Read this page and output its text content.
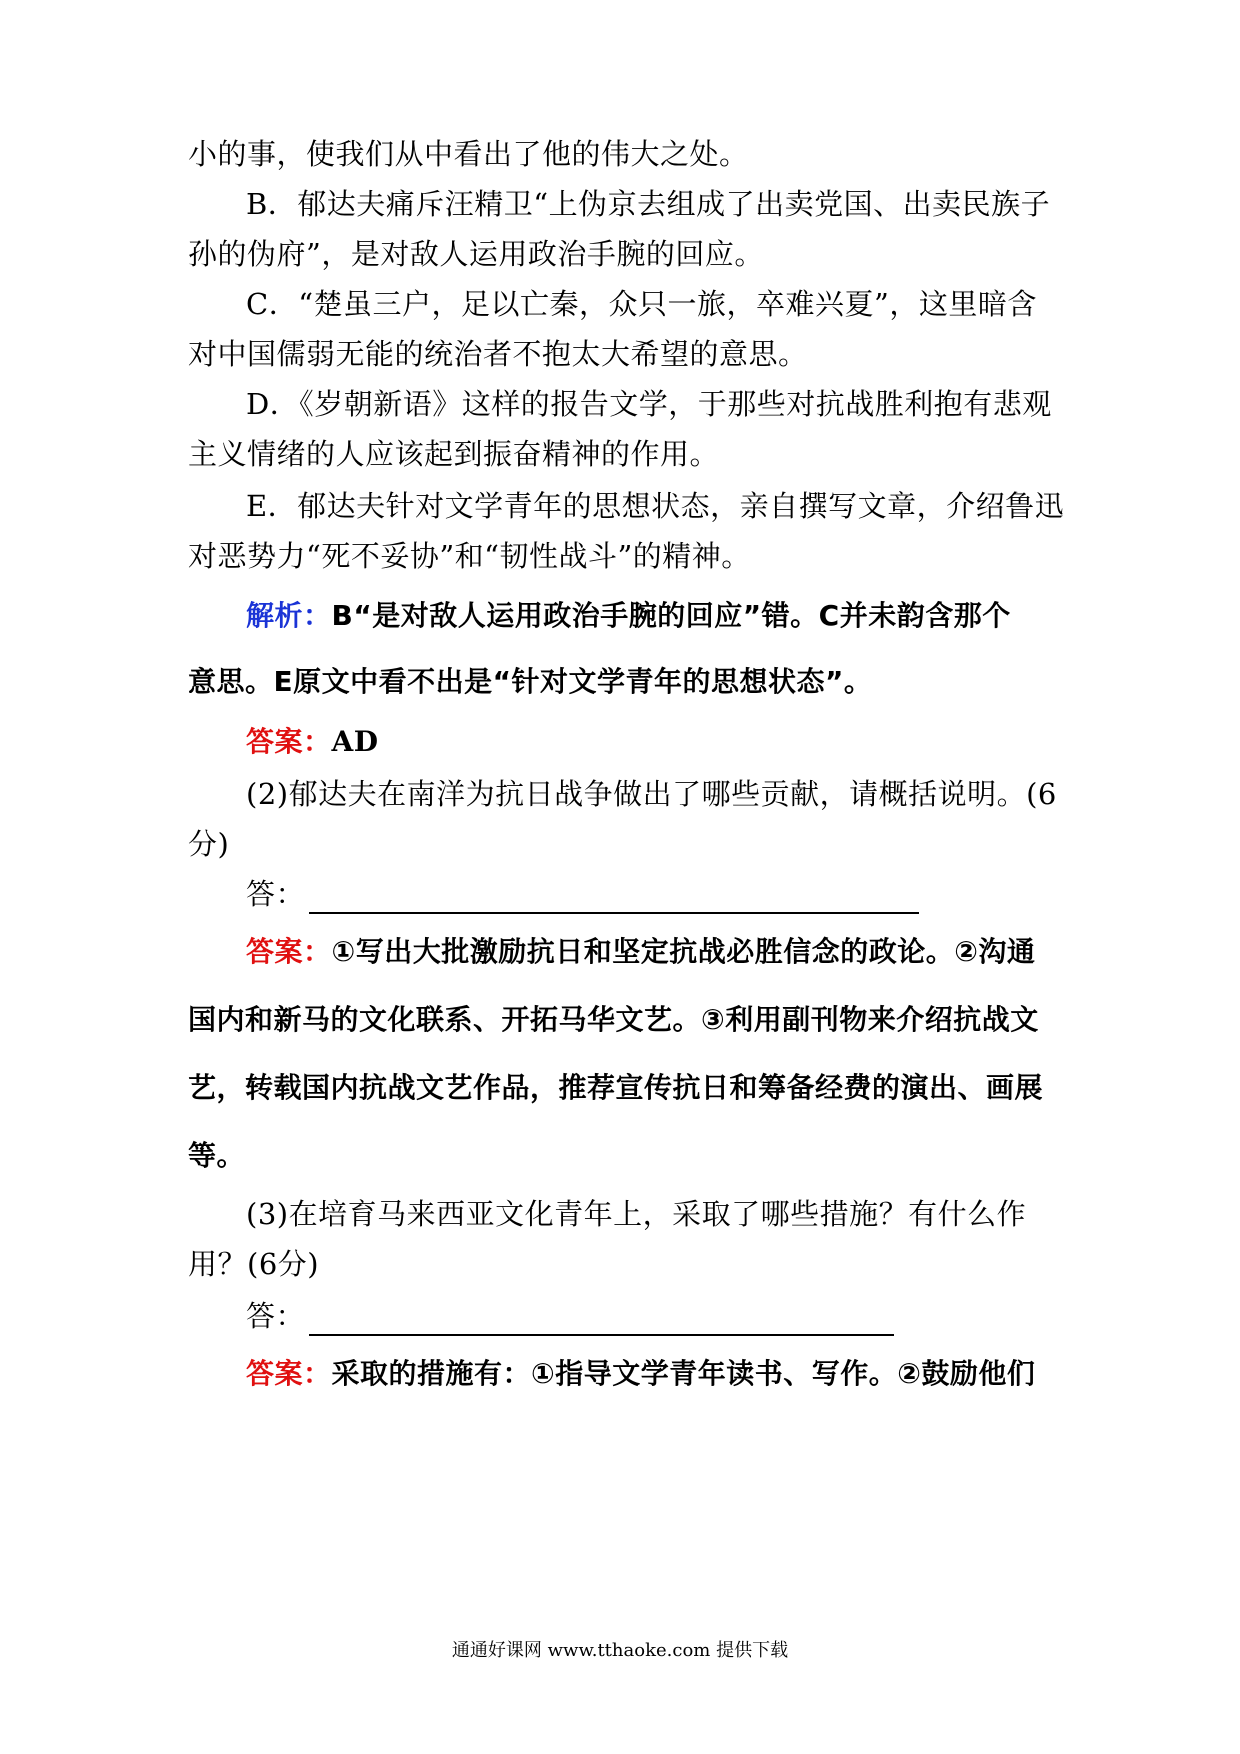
小的事，使我们从中看出了他的伟大之处。
B．郁达夫痛斥汪精卫“上伪京去组成了出卖党国、出卖民族子
孙的伪府”，是对敌人运用政治手腕的回应。
C．“楚虽三户，足以亡秦，众只一旅，卒难兴夏”，这里暗含
对中国儒弱无能的统治者不抱太大希望的意思。
D．《岁朝新语》这样的报告文学，于那些对抗战胜利抱有悲观
主义情绪的人应该起到振奋精神的作用。
E．郁达夫针对文学青年的思想状态，亲自撰写文章，介绍鲁迅
对恶势力“死不妥协”和“韧性战斗”的精神。
解析：B“是对敌人运用政治手腕的回应”错。C并未韵含那个
意思。E原文中看不出是“针对文学青年的思想状态”。
答案：AD
(2)郁达夫在南洋为抗日战争做出了哪些贡献，请概括说明。(6
分)
答：
答案：①写出大批激励抗日和坚定抗战必胜信念的政论。②沟通
国内和新马的文化联系、开拓马华文艺。③利用副刊物来介绍抗战文
艺，转载国内抗战文艺作品，推荐宣传抗日和筹备经费的演出、画展
等。
(3)在培育马来西亚文化青年上，采取了哪些措施？有什么作
用？(6分)
答：
答案：采取的措施有：①指导文学青年读书、写作。②鼓励他们
通通好课网 www.tthaoke.com 提供下载
